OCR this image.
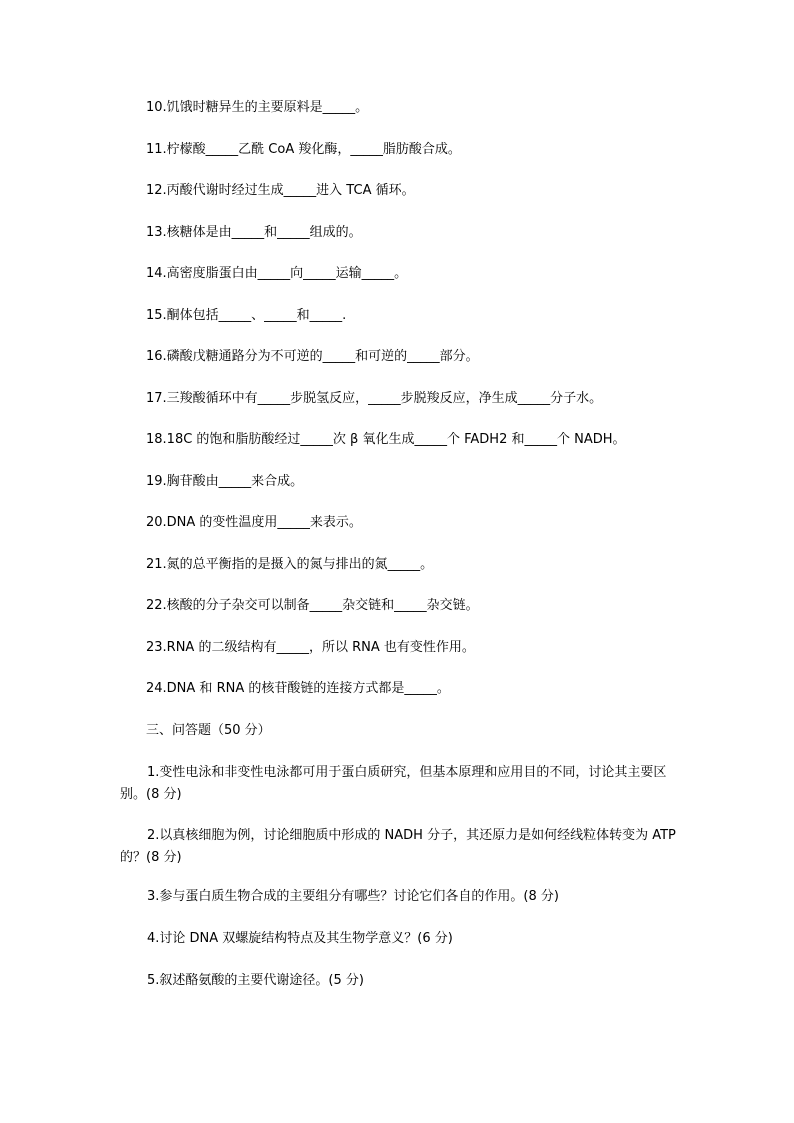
10.饥饿时糖异生的主要原料是_____。
11.柠檬酸_____乙酰 CoA 羧化酶，_____脂肪酸合成。
12.丙酸代谢时经过生成_____进入 TCA 循环。
13.核糖体是由_____和_____组成的。
14.高密度脂蛋白由_____向_____运输_____。
15.酮体包括_____、_____和_____.
16.磷酸戊糖通路分为不可逆的_____和可逆的_____部分。
17.三羧酸循环中有_____步脱氢反应，_____步脱羧反应，净生成_____分子水。
18.18C 的饱和脂肪酸经过_____次 β 氧化生成_____个 FADH2 和_____个 NADH。
19.胸苷酸由_____来合成。
20.DNA 的变性温度用_____来表示。
21.氮的总平衡指的是摄入的氮与排出的氮_____。
22.核酸的分子杂交可以制备_____杂交链和_____杂交链。
23.RNA 的二级结构有_____，所以 RNA 也有变性作用。
24.DNA 和 RNA 的核苷酸链的连接方式都是_____。
三、问答题（50 分）
1.变性电泳和非变性电泳都可用于蛋白质研究，但基本原理和应用目的不同，讨论其主要区别。(8 分)
2.以真核细胞为例，讨论细胞质中形成的 NADH 分子，其还原力是如何经线粒体转变为 ATP 的？(8 分)
3.参与蛋白质生物合成的主要组分有哪些？讨论它们各自的作用。(8 分)
4.讨论 DNA 双螺旋结构特点及其生物学意义？(6 分)
5.叙述酪氨酸的主要代谢途径。(5 分)
